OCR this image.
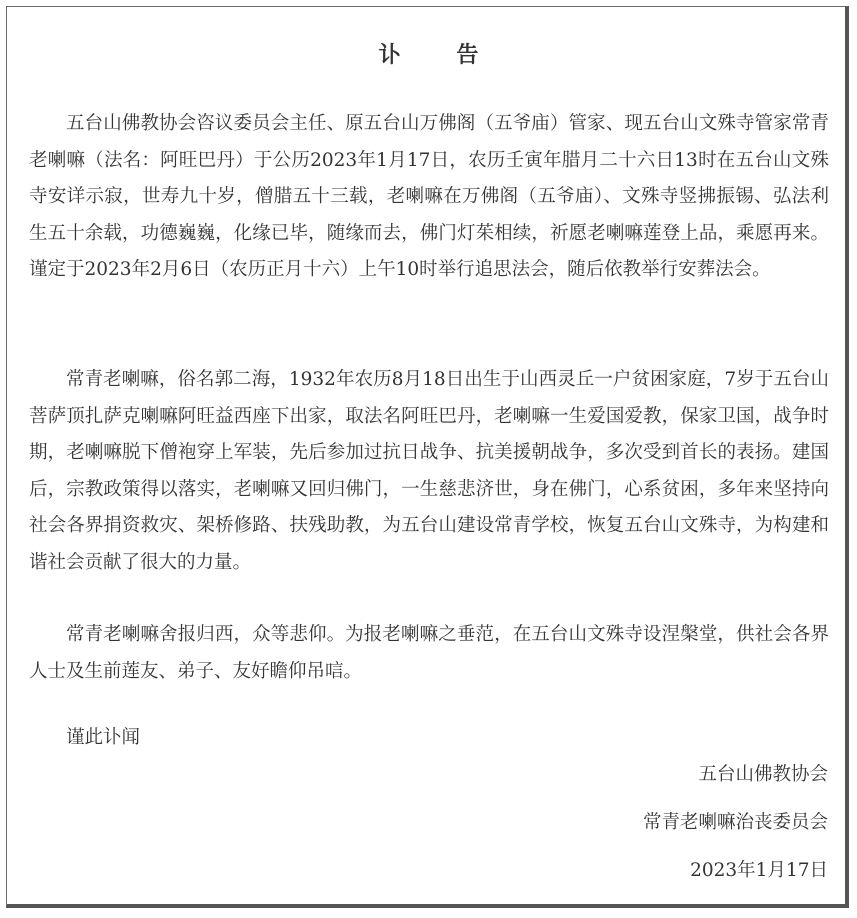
讣 告

五台山佛教协会咨议委员会主任、原五台山万佛阁（五爷庙）管家、现五台山文殊寺管家常青老喇嘛（法名：阿旺巴丹）于公历2023年1月17日，农历壬寅年腊月二十六日13时在五台山文殊寺安详示寂，世寿九十岁，僧腊五十三载，老喇嘛在万佛阁（五爷庙）、文殊寺竖拂振锡、弘法利生五十余载，功德巍巍，化缘已毕，随缘而去，佛门灯茱相续，祈愿老喇嘛莲登上品，乘愿再来。谨定于2023年2月6日（农历正月十六）上午10时举行追思法会，随后依教举行安葬法会。

常青老喇嘛，俗名郭二海，1932年农历8月18日出生于山西灵丘一户贫困家庭，7岁于五台山菩萨顶扎萨克喇嘛阿旺益西座下出家，取法名阿旺巴丹，老喇嘛一生爱国爱教，保家卫国，战争时期，老喇嘛脱下僧袍穿上军装，先后参加过抗日战争、抗美援朝战争，多次受到首长的表扬。建国后，宗教政策得以落实，老喇嘛又回归佛门，一生慈悲济世，身在佛门，心系贫困，多年来坚持向社会各界捐资救灾、架桥修路、扶残助教，为五台山建设常青学校，恢复五台山文殊寺，为构建和谐社会贡献了很大的力量。

常青老喇嘛舍报归西，众等悲仰。为报老喇嘛之垂范，在五台山文殊寺设涅槃堂，供社会各界人士及生前莲友、弟子、友好瞻仰吊唁。

谨此讣闻

五台山佛教协会
常青老喇嘛治丧委员会
2023年1月17日
